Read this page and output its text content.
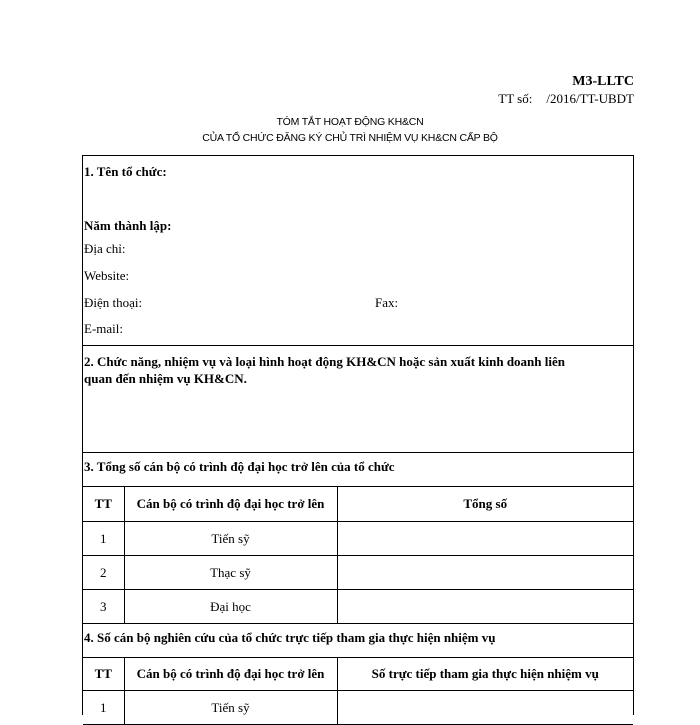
M3-LLTC
TT số: /2016/TT-UBDT
TÓM TẮT HOẠT ĐỘNG KH&CN
CỦA TỔ CHỨC ĐĂNG KÝ CHỦ TRÌ NHIỆM VỤ KH&CN CẤP BỘ
1. Tên tổ chức:
Năm thành lập:
Địa chỉ:
Website:
Điện thoại:	Fax:
E-mail:
2. Chức năng, nhiệm vụ và loại hình hoạt động KH&CN hoặc sản xuất kinh doanh liên
quan đến nhiệm vụ KH&CN.
3. Tổng số cán bộ có trình độ đại học trở lên của tổ chức
TT	Cán bộ có trình độ đại học trở lên	Tổng số
1	Tiến sỹ	
2	Thạc sỹ	
3	Đại học	
4. Số cán bộ nghiên cứu của tổ chức trực tiếp tham gia thực hiện nhiệm vụ
TT	Cán bộ có trình độ đại học trở lên	Số trực tiếp tham gia thực hiện nhiệm vụ
1	Tiến sỹ	
